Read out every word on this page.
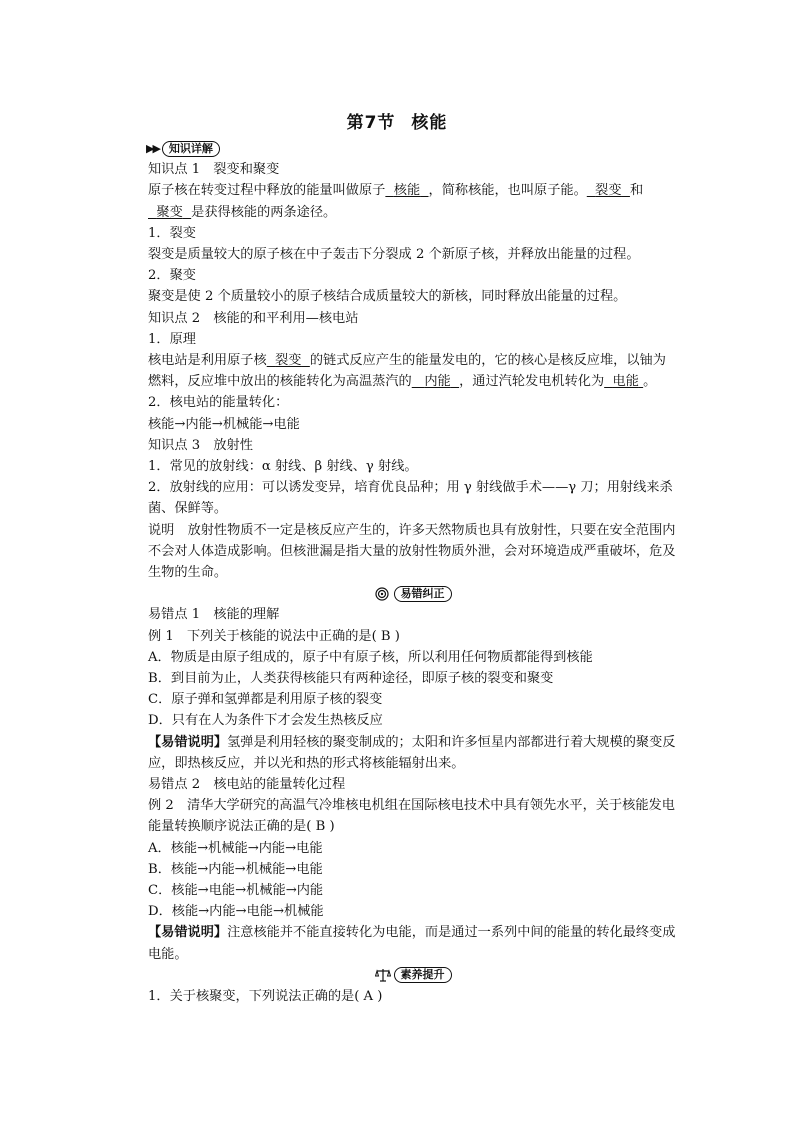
第7节 核能
▶▶ 知识详解

知识点 1　裂变和聚变

原子核在转变过程中释放的能量叫做原子 核能 ，简称核能，也叫原子能。 裂变 和  聚变 是获得核能的两条途径。

1．裂变

裂变是质量较大的原子核在中子轰击下分裂成 2 个新原子核，并释放出能量的过程。

2．聚变

聚变是使 2 个质量较小的原子核结合成质量较大的新核，同时释放出能量的过程。

知识点 2　核能的和平利用—核电站

1．原理

核电站是利用原子核 裂变 的链式反应产生的能量发电的，它的核心是核反应堆，以铀为燃料，反应堆中放出的核能转化为高温蒸汽的 内能 ，通过汽轮发电机转化为 电能 。

2．核电站的能量转化：

核能→内能→机械能→电能

知识点 3　放射性

1．常见的放射线：α 射线、β 射线、γ 射线。

2．放射线的应用：可以诱发变异，培育优良品种；用 γ 射线做手术——γ 刀；用射线来杀菌、保鲜等。

说明　 放射性物质不一定是核反应产生的，许多天然物质也具有放射性，只要在安全范围内不会对人体造成影响。但核泄漏是指大量的放射性物质外泄，会对环境造成严重破坏，危及生物的生命。

易错纠正

易错点 1　核能的理解

例 1　下列关于核能的说法中正确的是( B )

A．物质是由原子组成的，原子中有原子核，所以利用任何物质都能得到核能

B．到目前为止，人类获得核能只有两种途径，即原子核的裂变和聚变

C．原子弹和氢弹都是利用原子核的裂变

D．只有在人为条件下才会发生热核反应

【易错说明】氢弹是利用轻核的聚变制成的；太阳和许多恒星内部都进行着大规模的聚变反应，即热核反应，并以光和热的形式将核能辐射出来。

易错点 2　核电站的能量转化过程

例 2　清华大学研究的高温气冷堆核电机组在国际核电技术中具有领先水平，关于核能发电能量转换顺序说法正确的是( B )

A．核能→机械能→内能→电能

B．核能→内能→机械能→电能

C．核能→电能→机械能→内能

D．核能→内能→电能→机械能

【易错说明】注意核能并不能直接转化为电能，而是通过一系列中间的能量的转化最终变成电能。

素养提升

1．关于核聚变，下列说法正确的是( A )
